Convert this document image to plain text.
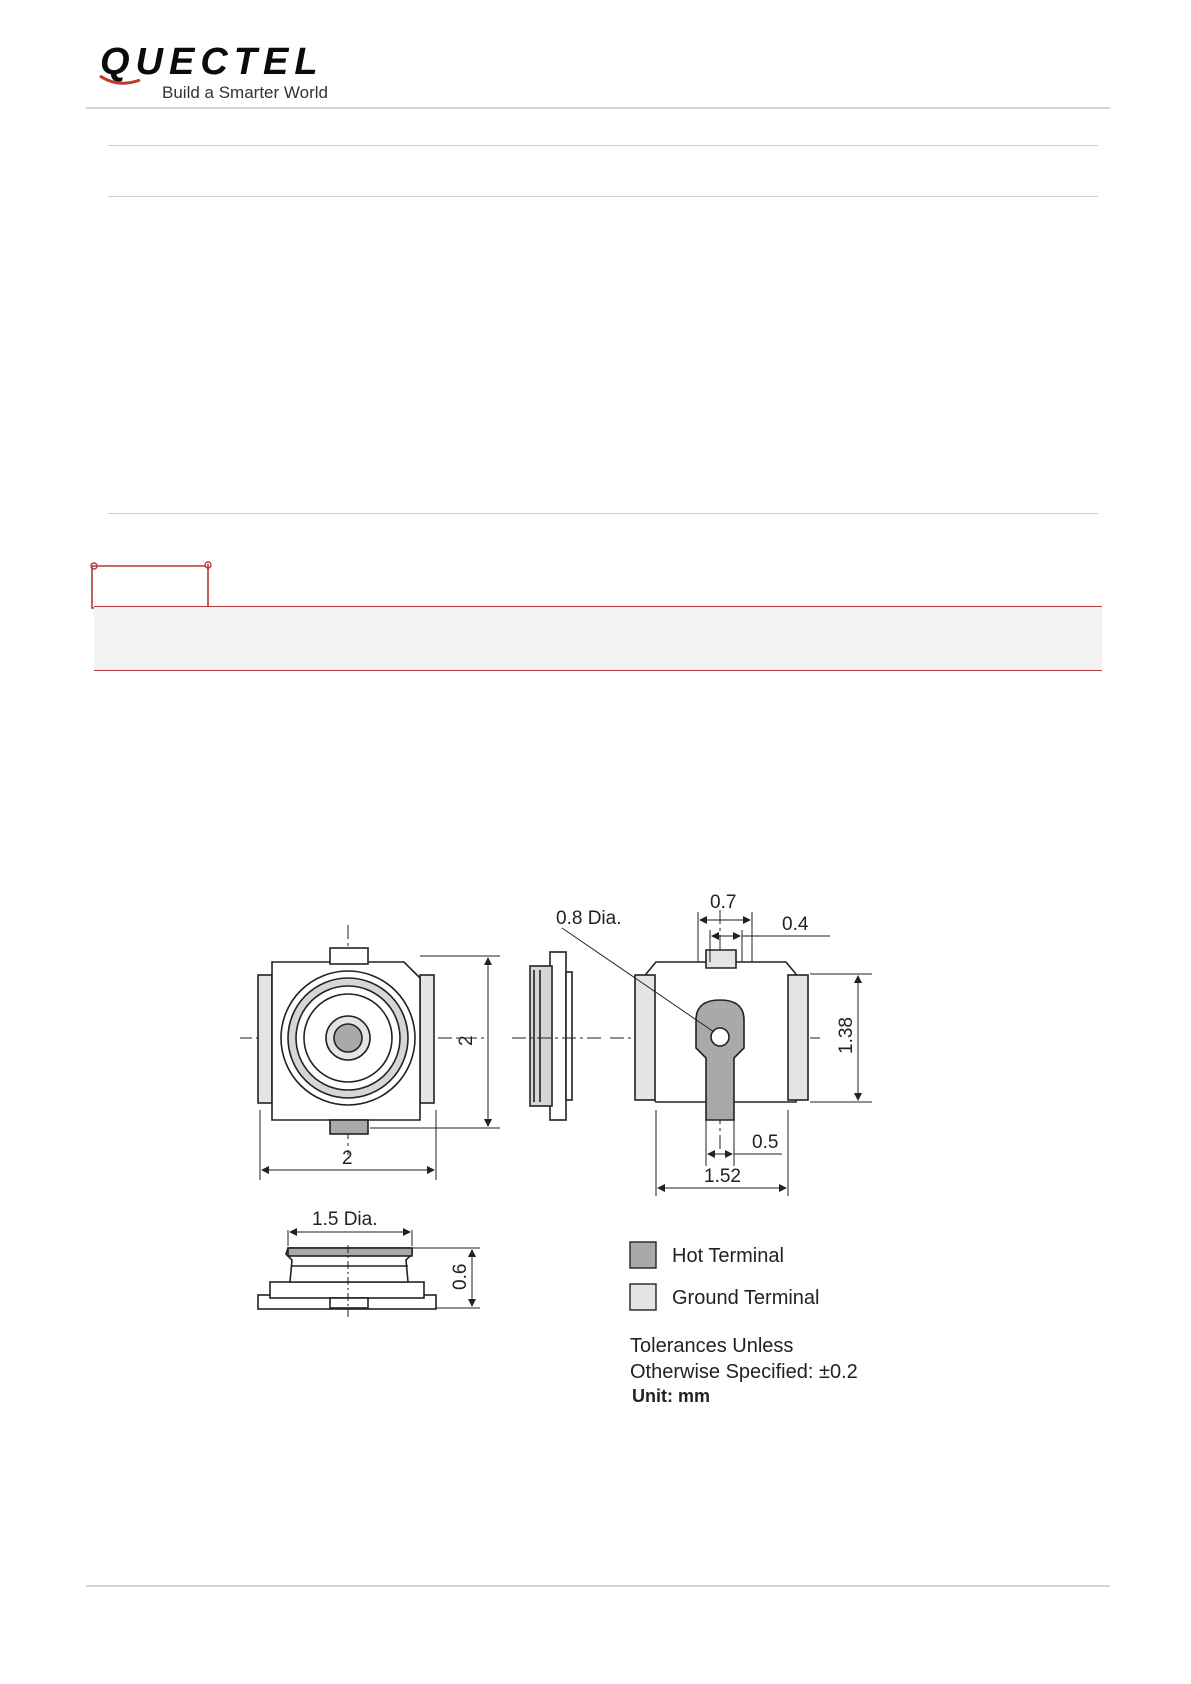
QUECTEL
Build a Smarter World
2
2
0.8 Dia.
0.7
0.4
1.38
0.5
1.52
1.5 Dia.
0.6
Hot Terminal
Ground Terminal
Tolerances Unless
Otherwise Specified: ±0.2
Unit: mm
